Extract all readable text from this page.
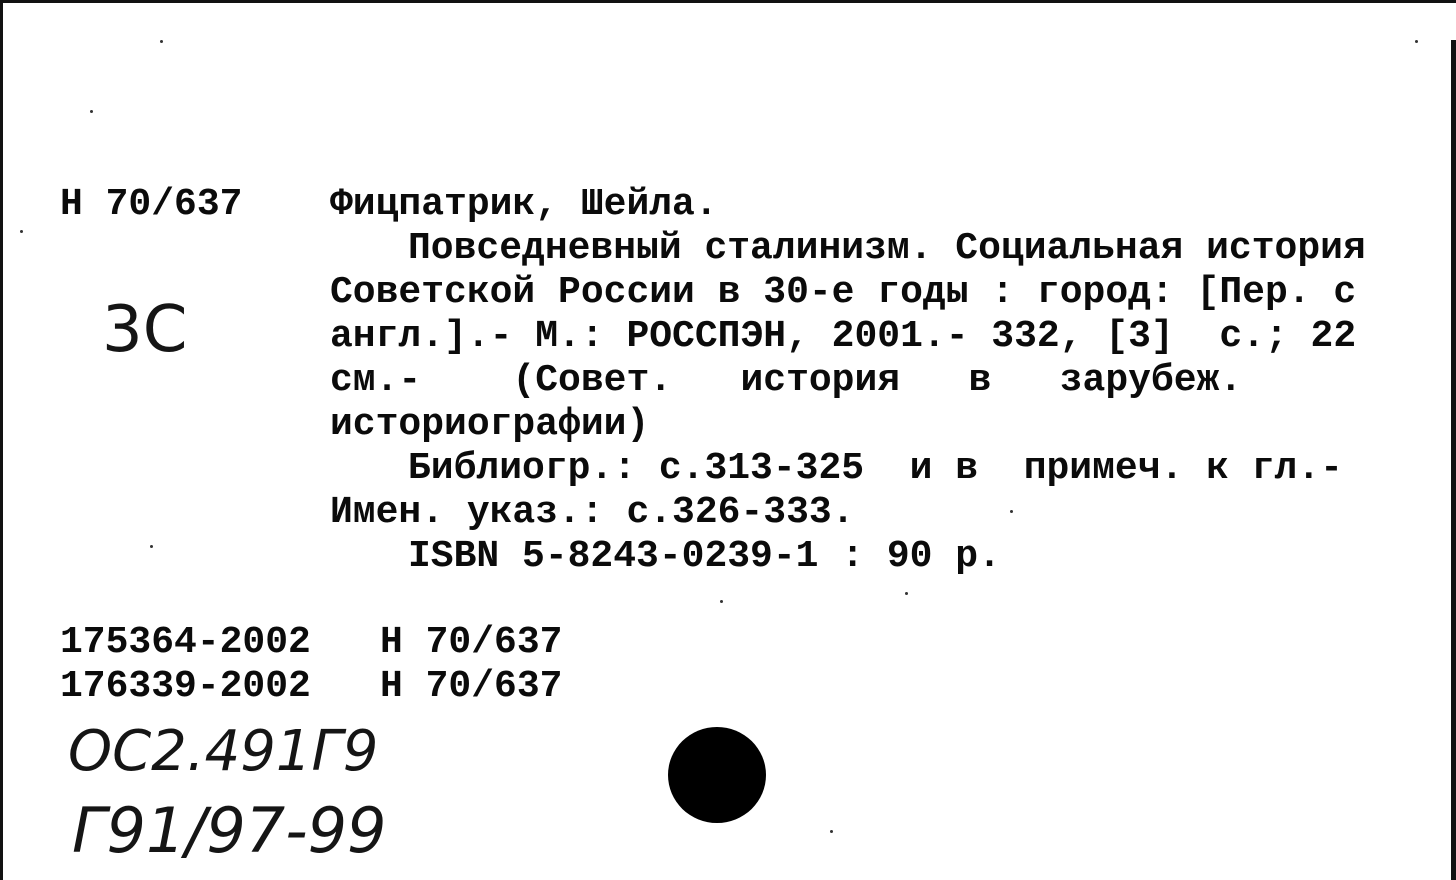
Н 70/637
3С
Фицпатрик, Шейла.
Повседневный сталинизм. Социальная история
Советской России в 30-е годы : город: [Пер. с
англ.].- М.: РОССПЭН, 2001.- 332, [3]  с.; 22
см.-    (Совет.   история   в   зарубеж.
историографии)
Библиогр.: с.313-325  и в  примеч. к гл.-
Имен. указ.: с.326-333.
ISBN 5-8243-0239-1 : 90 р.
175364-2002 Н 70/637
176339-2002 Н 70/637
ОС2.491Г9
Г91/97-99
